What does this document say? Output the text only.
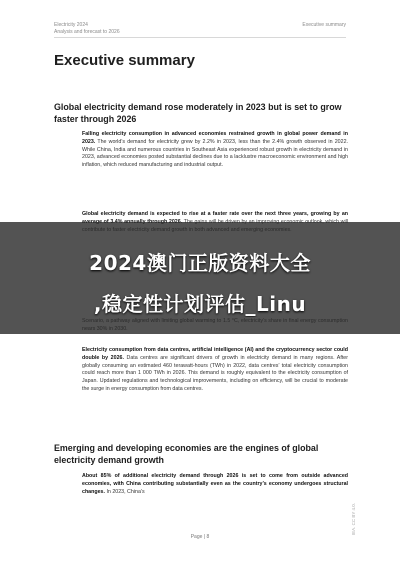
Electricity 2024
Analysis and forecast to 2026
Executive summary
Executive summary

Global electricity demand rose moderately in 2023 but is set to grow faster through 2026

Falling electricity consumption in advanced economies restrained growth in global power demand in 2023. The world’s demand for electricity grew by 2.2% in 2023, less than the 2.4% growth observed in 2022. While China, India and numerous countries in Southeast Asia experienced robust growth in electricity demand in 2023, advanced economies posted substantial declines due to a lacklustre macroeconomic environment and high inflation, which reduced manufacturing and industrial output.

Global electricity demand is expected to rise at a faster rate over the next three years, growing by an

Electricity consumption from data centres, artificial intelligence (AI) and the cryptocurrency sector could double by 2026. Data centres are significant drivers of growth in electricity demand in many regions. After globally consuming an estimated 460 terawatt-hours (TWh) in 2022, data centres’ total electricity consumption could reach more than 1 000 TWh in 2026. This demand is roughly equivalent to the electricity consumption of Japan. Updated regulations and technological improvements, including on efficiency, will be crucial to moderate the surge in energy consumption from data centres.

Emerging and developing economies are the engines of global electricity demand growth

About 85% of additional electricity demand through 2026 is set to come from outside advanced economies, with China contributing substantially even as the country’s economy undergoes structural changes. In 2023, China’s

IEA. CC BY 4.0.
Page | 8
2024澳门正版资料大全
,稳定性计划评估_Linu
